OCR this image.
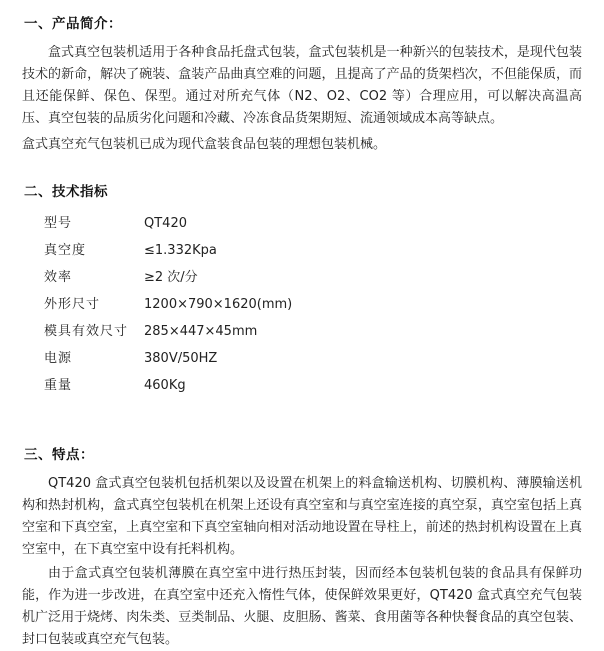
一、产品简介：

盒式真空包装机适用于各种食品托盘式包装，盒式包装机是一种新兴的包装技术，是现代包装技术的新命，解决了碗装、盒装产品曲真空难的问题，且提高了产品的货架档次，不但能保质，而且还能保鲜、保色、保型。通过对所充气体（N2、O2、CO2 等）合理应用，可以解决高温高压、真空包装的品质劣化问题和冷藏、冷冻食品货架期短、流通领域成本高等缺点。

盒式真空充气包装机已成为现代盒装食品包装的理想包装机械。

二、技术指标
型号	QT420
真空度	≤1.332Kpa
效率	≥2 次/分
外形尺寸	1200×790×1620(mm)
模具有效尺寸	285×447×45mm
电源	380V/50HZ
重量	460Kg
三、特点：

QT420 盒式真空包装机包括机架以及设置在机架上的料盒输送机构、切膜机构、薄膜输送机构和热封机构，盒式真空包装机在机架上还设有真空室和与真空室连接的真空泵，真空室包括上真空室和下真空室，上真空室和下真空室轴向相对活动地设置在导柱上，前述的热封机构设置在上真空室中，在下真空室中设有托料机构。

由于盒式真空包装机薄膜在真空室中进行热压封装，因而经本包装机包装的食品具有保鲜功能，作为进一步改进，在真空室中还充入惰性气体，使保鲜效果更好，QT420 盒式真空充气包装机广泛用于烧烤、肉朱类、豆类制品、火腿、皮胆肠、酱菜、食用菌等各种快餐食品的真空包装、封口包装或真空充气包装。
